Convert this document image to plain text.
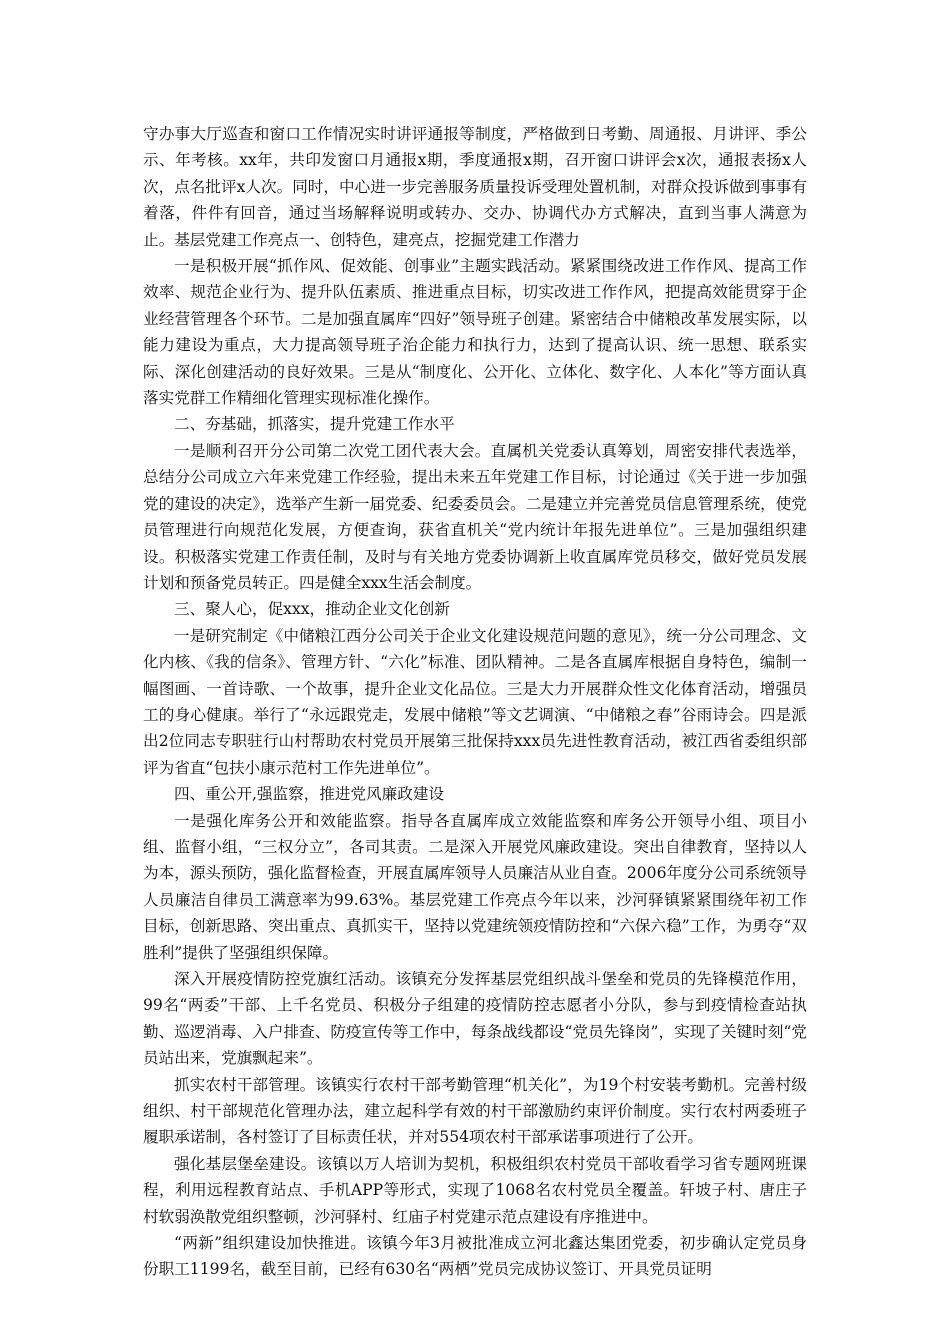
守办事大厅巡查和窗口工作情况实时讲评通报等制度，严格做到日考勤、周通报、月讲评、季公示、年考核。xx年，共印发窗口月通报x期，季度通报x期，召开窗口讲评会x次，通报表扬x人次，点名批评x人次。同时，中心进一步完善服务质量投诉受理处置机制，对群众投诉做到事事有着落，件件有回音，通过当场解释说明或转办、交办、协调代办方式解决，直到当事人满意为止。基层党建工作亮点一、创特色，建亮点，挖掘党建工作潜力

一是积极开展“抓作风、促效能、创事业”主题实践活动。紧紧围绕改进工作作风、提高工作效率、规范企业行为、提升队伍素质、推进重点目标，切实改进工作作风，把提高效能贯穿于企业经营管理各个环节。二是加强直属库“四好”领导班子创建。紧密结合中储粮改革发展实际，以能力建设为重点，大力提高领导班子治企能力和执行力，达到了提高认识、统一思想、联系实际、深化创建活动的良好效果。三是从“制度化、公开化、立体化、数字化、人本化”等方面认真落实党群工作精细化管理实现标准化操作。

二、夯基础，抓落实，提升党建工作水平

一是顺利召开分公司第二次党工团代表大会。直属机关党委认真筹划，周密安排代表选举，总结分公司成立六年来党建工作经验，提出未来五年党建工作目标，讨论通过《关于进一步加强党的建设的决定》，选举产生新一届党委、纪委委员会。二是建立并完善党员信息管理系统，使党员管理进行向规范化发展，方便查询，获省直机关“党内统计年报先进单位”。三是加强组织建设。积极落实党建工作责任制，及时与有关地方党委协调新上收直属库党员移交，做好党员发展计划和预备党员转正。四是健全xxx生活会制度。

三、聚人心，促xxx，推动企业文化创新

一是研究制定《中储粮江西分公司关于企业文化建设规范问题的意见》，统一分公司理念、文化内核、《我的信条》、管理方针、“六化”标准、团队精神。二是各直属库根据自身特色，编制一幅图画、一首诗歌、一个故事，提升企业文化品位。三是大力开展群众性文化体育活动，增强员工的身心健康。举行了“永远跟党走，发展中储粮”等文艺调演、“中储粮之春”谷雨诗会。四是派出2位同志专职驻行山村帮助农村党员开展第三批保持xxx员先进性教育活动，被江西省委组织部评为省直“包扶小康示范村工作先进单位”。

四、重公开,强监察，推进党风廉政建设

一是强化库务公开和效能监察。指导各直属库成立效能监察和库务公开领导小组、项目小组、监督小组，“三权分立”，各司其责。二是深入开展党风廉政建设。突出自律教育，坚持以人为本，源头预防，强化监督检查，开展直属库领导人员廉洁从业自查。2006年度分公司系统领导人员廉洁自律员工满意率为99.63%。基层党建工作亮点今年以来，沙河驿镇紧紧围绕年初工作目标，创新思路、突出重点、真抓实干，坚持以党建统领疫情防控和“六保六稳”工作，为勇夺“双胜利”提供了坚强组织保障。

深入开展疫情防控党旗红活动。该镇充分发挥基层党组织战斗堡垒和党员的先锋模范作用，99名“两委”干部、上千名党员、积极分子组建的疫情防控志愿者小分队，参与到疫情检查站执勤、巡逻消毒、入户排查、防疫宣传等工作中，每条战线都设“党员先锋岗”，实现了关键时刻“党员站出来，党旗飘起来”。

抓实农村干部管理。该镇实行农村干部考勤管理“机关化”，为19个村安装考勤机。完善村级组织、村干部规范化管理办法，建立起科学有效的村干部激励约束评价制度。实行农村两委班子履职承诺制，各村签订了目标责任状，并对554项农村干部承诺事项进行了公开。

强化基层堡垒建设。该镇以万人培训为契机，积极组织农村党员干部收看学习省专题网班课程，利用远程教育站点、手机APP等形式，实现了1068名农村党员全覆盖。轩坡子村、唐庄子村软弱涣散党组织整顿，沙河驿村、红庙子村党建示范点建设有序推进中。

“两新”组织建设加快推进。该镇今年3月被批准成立河北鑫达集团党委，初步确认定党员身份职工1199名，截至目前，已经有630名“两栖”党员完成协议签订、开具党员证明
